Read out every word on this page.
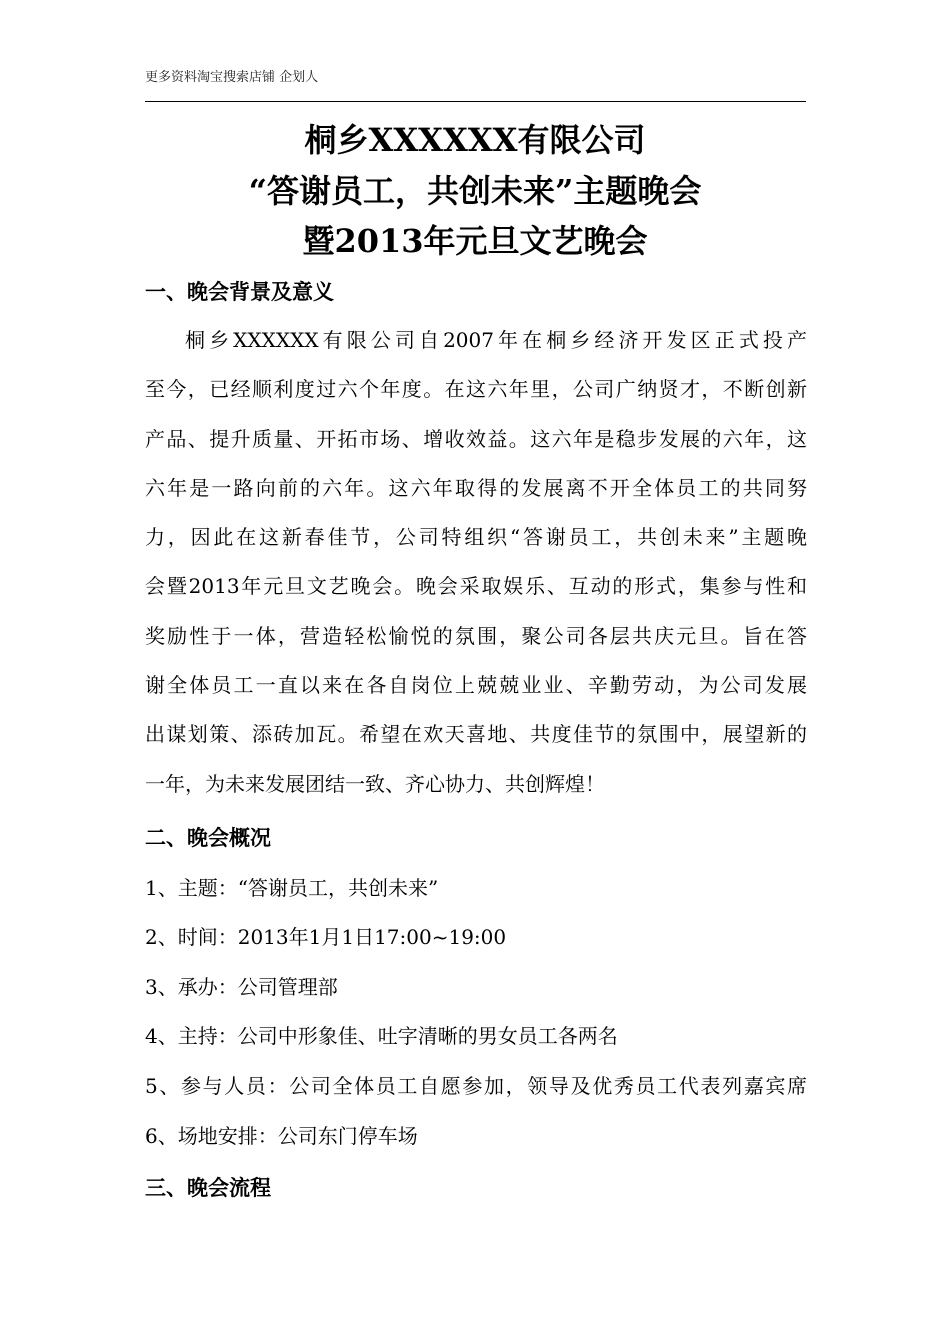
更多资料淘宝搜索店铺 企划人
桐乡XXXXXX有限公司
“答谢员工，共创未来”主题晚会
暨2013年元旦文艺晚会
一、晚会背景及意义
桐乡XXXXXX有限公司自2007年在桐乡经济开发区正式投产
至今，已经顺利度过六个年度。在这六年里，公司广纳贤才，不断创新
产品、提升质量、开拓市场、增收效益。这六年是稳步发展的六年，这
六年是一路向前的六年。这六年取得的发展离不开全体员工的共同努
力，因此在这新春佳节，公司特组织“答谢员工，共创未来”主题晚
会暨2013年元旦文艺晚会。晚会采取娱乐、互动的形式，集参与性和
奖励性于一体，营造轻松愉悦的氛围，聚公司各层共庆元旦。旨在答
谢全体员工一直以来在各自岗位上兢兢业业、辛勤劳动，为公司发展
出谋划策、添砖加瓦。希望在欢天喜地、共度佳节的氛围中，展望新的
一年，为未来发展团结一致、齐心协力、共创辉煌！
二、晚会概况
1、主题：“答谢员工，共创未来”
2、时间：2013年1月1日17:00~19:00
3、承办：公司管理部
4、主持：公司中形象佳、吐字清晰的男女员工各两名
5、参与人员：公司全体员工自愿参加，领导及优秀员工代表列嘉宾席
6、场地安排：公司东门停车场
三、晚会流程
